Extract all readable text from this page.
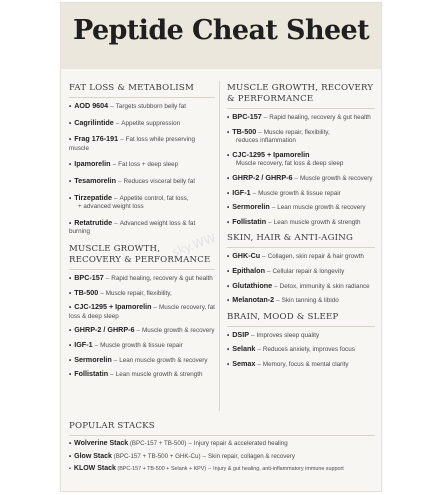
Peptide Cheat Sheet
sky.WW
FAT LOSS & METABOLISM
• AOD 9604 – Targets stubborn belly fat
• Cagrilintide – Appetite suppression
• Frag 176-191 – Fat loss while preserving muscle
• Ipamorelin – Fat loss + deep sleep
• Tesamorelin – Reduces visceral belly fat
• Tirzepatide – Appetite control, fat loss,
+ advanced weight loss
• Retatrutide – Advanced weight loss & fat burning
MUSCLE GROWTH, RECOVERY & PERFORMANCE
• BPC-157 – Rapid healing, recovery & gut health
• TB-500 – Muscle repair, flexibility,
• CJC-1295 + Ipamorelin – Muscle recovery, fat loss & deep sleep
• GHRP-2 / GHRP-6 – Muscle growth & recovery
• IGF-1 – Muscle growth & tissue repair
• Sermorelin – Lean muscle growth & recovery
• Follistatin – Lean muscle growth & strength
MUSCLE GROWTH, RECOVERY & PERFORMANCE
• BPC-157 – Rapid healing, recovery & gut health
• TB-500 – Muscle repair, flexibility,
reduces inflammation
• CJC-1295 + Ipamorelin
Muscle recovery, fat loss & deep sleep
• GHRP-2 / GHRP-6 – Muscle growth & recovery
• IGF-1 – Muscle growth & tissue repair
• Sermorelin – Lean muscle growth & recovery
• Follistatin – Lean muscle growth & strength
SKIN, HAIR & ANTI-AGING
• GHK-Cu – Collagen, skin repair & hair growth
• Epithalon – Cellular repair & longevity
• Glutathione – Detox, immunity & skin radiance
• Melanotan-2 – Skin tanning & libido
BRAIN, MOOD & SLEEP
• DSIP – Improves sleep quality
• Selank – Reduces anxiety, improves focus
• Semax – Memory, focus & mental clarity
POPULAR STACKS
• Wolverine Stack (BPC-157 + TB-500) – Injury repair & accelerated healing
• Glow Stack (BPC-157 + TB-500 + GHK-Cu) – Skin repair, collagen & recovery
• KLOW Stack (BPC-157 + TB-500 + Selank + KPV) – Injury & gut healing, anti-inflammatory immune support
